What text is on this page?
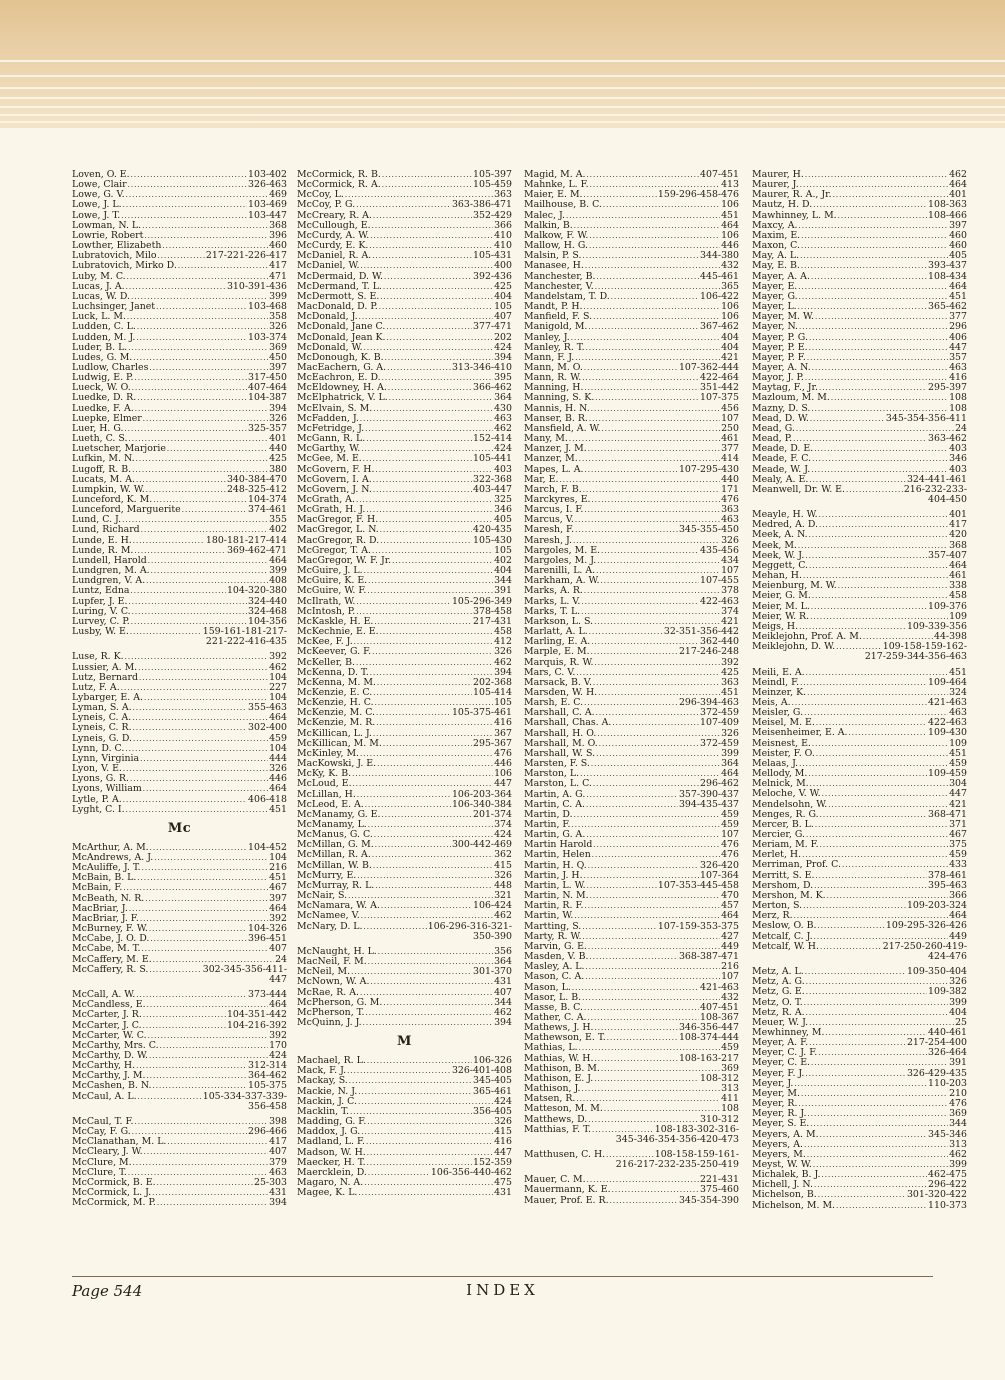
Loven, O. E. . . .	103-402
Lowe, Clair . . .	326-463
Lowe, G. V. . . .	469
Lowe, J. L. . . .	103-469
Lowe, J. T. . . .	103-447
Lowman, N. L. . . .	368
Lowrie, Robert . . .	396
Lowther, Elizabeth . . .	460
Lubratovich, Milo . . .	217-221-226-417
Lubratovich, Mirko D. . . .	417
Luby, M. C. . . .	471
Lucas, J. A. . . .	310-391-436
Lucas, W. D. . . .	399
Luchsinger, Janet . . .	103-468
Luck, L. M. . . .	358
Ludden, C. L. . . .	326
Ludden, M. J. . . .	103-374
Luder, B. L. . . .	369
Ludes, G. M. . . .	450
Ludlow, Charles . . .	397
Ludwig, E. P. . . .	317-450
Lueck, W. O. . . .	407-464
Luedke, D. R. . . .	104-387
Luedke, F. A. . . .	394
Luepke, Elmer . . .	326
Luer, H. G. . . .	325-357
Lueth, C. S. . . .	401
Luetscher, Marjorie . . .	440
Lufkin, M. N. . . .	425
Lugoff, R. B. . . .	380
Lucats, M. A. . . .	340-384-470
Lumpkin, W. W. . . .	248-325-412
Lunceford, K. M. . . .	104-374
Lunceford, Marguerite . . .	374-461
Lund, C. J. . . .	355
Lund, Richard . . .	402
Lunde, E. H. . . .	180-181-217-414
Lunde, R. M. . . .	369-462-471
Lundell, Harold . . .	464
Lundgren, M. A. . . .	399
Lundgren, V. A. . . .	408
Luntz, Edna . . .	104-320-380
Lupfer, J. E. . . .	324-440
Luring, V. C. . . .	324-468
Lurvey, C. P. . . .	104-356
Lusby, W. E. . . .	159-161-181-217-
221-222-416-435
Luse, R. K. . . .	392
Lussier, A. M. . . .	462
Lutz, Bernard . . .	104
Lutz, F. A. . . .	227
Lybarger, E. A. . . .	104
Lyman, S. A. . . .	355-463
Lyneis, C. A. . . .	464
Lyneis, C. R. . . .	302-400
Lyneis, G. D. . . .	459
Lynn, D. C. . . .	104
Lynn, Virginia . . .	444
Lyon, V. E. . . .	326
Lyons, G. R. . . .	446
Lyons, William . . .	464
Lytle, P. A. . . .	406-418
Lyght, C. I. . . .	451
Mc
McArthur, A. M. . . .	104-452
McAndrews, A. J. . . .	104
McAuliffe, J. T. . . .	216
McBain, B. L. . . .	451
McBain, F. . . .	467
McBeath, N. R. . . .	397
MacBriar, J. . . .	464
MacBriar, J. F. . . .	392
McBurney, F. W. . . .	104-326
McCabe, J. O. D. . . .	396-451
McCabe, M. T. . . .	407
McCaffery, M. E. . . .	24
McCaffery, R. S. . . .	302-345-356-411-
447
McCall, A. W. . . .	373-444
McCandless, E. . . .	464
McCarter, J. R. . . .	104-351-442
McCarter, J. C. . . .	104-216-392
McCarter, W. C. . . .	392
McCarthy, Mrs. C. . . .	170
McCarthy, D. W. . . .	424
McCarthy, H. . . .	312-314
McCarthy, J. M. . . .	364-462
McCashen, B. N. . . .	105-375
McCaul, A. L. . . .	105-334-337-339-
356-458
McCaul, T. F. . . .	398
McCay, F. G. . . .	296-466
McClanathan, M. L. . . .	417
McCleary, J. W. . . .	407
McClure, M. . . .	379
McClure, T. . . .	463
McCormick, B. E. . . .	25-303
McCormick, L. J. . . .	431
McCormick, M. P. . . .	394
McCormick, R. B. . . .	105-397
McCormick, R. A. . . .	105-459
McCoy, L. . . .	363
McCoy, P. G. . . .	363-386-471
McCreary, R. A. . . .	352-429
McCullough, E. . . .	366
McCurdy, A. W. . . .	410
McCurdy, E. K. . . .	410
McDaniel, R. A. . . .	105-431
McDaniel, W. . . .	400
McDermaid, D. W. . . .	392-436
McDermand, T. L. . . .	425
McDermott, S. E. . . .	404
MacDonald, D. P. . . .	105
McDonald, J. . . .	407
McDonald, Jane C. . . .	377-471
McDonald, Jean K. . . .	202
McDonald, W. . . .	424
McDonough, K. B. . . .	394
MacEachern, G. A. . . .	313-346-410
McEachron, E. D. . . .	395
McEldowney, H. A. . . .	366-462
McElphatrick, V. L. . . .	364
McElvain, S. M. . . .	430
McFadden, J. . . .	463
McFetridge, J. . . .	462
McGann, R. L. . . .	152-414
McGarthy, W. . . .	424
McGee, M. E. . . .	105-441
McGovern, F. H. . . .	403
McGovern, I. A. . . .	322-368
McGovern, J. N. . . .	403-447
McGrath, A. . . .	325
McGrath, H. J. . . .	346
MacGregor, F. H. . . .	405
MacGregor, L. N. . . .	420-435
MacGregor, R. D. . . .	105-430
McGregor, T. A. . . .	105
MacGregor, W. F. Jr. . . .	402
McGuire, J. L. . . .	404
McGuire, K. E. . . .	344
McGuire, W. F. . . .	391
McIlrath, W. . . .	105-296-349
McIntosh, P. . . .	378-458
McKaskle, H. E. . . .	217-431
McKechnie, E. E. . . .	458
McKee, F. J. . . .	412
McKeever, G. F. . . .	326
McKeller, B. . . .	462
McKenna, D. T. . . .	394
McKenna, M. M. . . .	202-368
McKenzie, E. C. . . .	105-414
McKenzie, H. C. . . .	105
McKenzie, M. C. . . .	105-375-461
McKenzie, M. R. . . .	416
McKillican, L. J. . . .	367
McKillican, M. M. . . .	295-367
McKinley, M. . . .	476
MacKowski, J. E. . . .	446
McKy, K. B. . . .	106
McLoud, E. . . .	447
McLillan, H. . . .	106-203-364
McLeod, E. A. . . .	106-340-384
McManamy, G. E. . . .	201-374
McManamy, L. . . .	374
McManus, G. C. . . .	424
McMillan, G. M. . . .	300-442-469
McMillan, R. A. . . .	362
McMillan, W. B. . . .	415
McMurry, E. . . .	326
McMurray, R. L. . . .	448
McNair, S. . . .	321
McNamara, W. A. . . .	106-424
McNamee, V. . . .	462
McNary, D. L. . . .	106-296-316-321-
350-390
McNaught, H. L. . . .	356
MacNeil, F. M. . . .	364
McNeil, M. . . .	301-370
McNown, W. A. . . .	431
McRae, R. A. . . .	407
McPherson, G. M. . . .	344
McPherson, T. . . .	462
McQuinn, J. J. . . .	394
M
Machael, R. L. . . .	106-326
Mack, F. J. . . .	326-401-408
Mackay, S. . . .	345-405
Mackie, N. J. . . .	365-461
Mackin, J. C. . . .	424
Macklin, T. . . .	356-405
Madding, G. F. . . .	326
Maddox, J. G. . . .	415
Madland, L. F. . . .	416
Madson, W. H. . . .	447
Maecker, H. T. . . .	152-359
Maercklein, D. . . .	106-356-440-462
Magaro, N. A. . . .	475
Magee, K. L. . . .	431
Magid, M. A. . . .	407-451
Mahnke, L. F. . . .	413
Maier, E. M. . . .	159-296-458-476
Mailhouse, B. C. . . .	106
Malec, J. . . .	451
Malkin, B. . . .	464
Malkow, F. W. . . .	106
Mallow, H. G. . . .	446
Malsin, P. S. . . .	344-380
Manasee, H. . . .	432
Manchester, B. . . .	445-461
Manchester, V. . . .	365
Mandelstam, T. D. . . .	106-422
Mandt, P. H. . . .	106
Manfield, F. S. . . .	106
Manigold, M. . . .	367-462
Manley, J. . . .	404
Manley, R. T. . . .	404
Mann, F. J. . . .	421
Mann, M. O. . . .	107-362-444
Mann, R. W. . . .	422-464
Manning, H. . . .	351-442
Manning, S. K. . . .	107-375
Mannis, H. N. . . .	456
Manser, B. R. . . .	107
Mansfield, A. W. . . .	250
Many, M. . . .	461
Manzer, J. M. . . .	377
Manzer, M. . . .	414
Mapes, L. A. . . .	107-295-430
Mar, E. . . .	440
March, F. B. . . .	171
Marckyres, E. . . .	476
Marcus, I. F. . . .	363
Marcus, V. . . .	463
Maresh, F. . . .	345-355-450
Maresh, J. . . .	326
Margoles, M. E. . . .	435-456
Margoles, M. J. . . .	434
Marenilli, L. A. . . .	107
Markham, A. W. . . .	107-455
Marks, A. R. . . .	378
Marks, L. V. . . .	422-463
Marks, T. L. . . .	374
Markson, L. S. . . .	421
Marlatt, A. L. . . .	32-351-356-442
Marling, E. A. . . .	362-440
Marple, E. M. . . .	217-246-248
Marquis, R. W. . . .	392
Mars, C. V. . . .	425
Marsack, B. V. . . .	363
Marsden, W. H. . . .	451
Marsh, E. C. . . .	296-394-463
Marshall, C. A. . . .	372-459
Marshall, Chas. A. . . .	107-409
Marshall, H. O. . . .	326
Marshall, M. O. . . .	372-459
Marshall, W. S. . . .	399
Marsten, F. S. . . .	364
Marston, L. . . .	464
Marston, L. C. . . .	296-462
Martin, A. G. . . .	357-390-437
Martin, C. A. . . .	394-435-437
Martin, D. . . .	459
Martin, F. . . .	459
Martin, G. A. . . .	107
Martin Harold . . .	476
Martin, Helen . . .	476
Martin, H. Q. . . .	326-420
Martin, J. H. . . .	107-364
Martin, L. W. . . .	107-353-445-458
Martin, N. M. . . .	470
Martin, R. F. . . .	457
Martin, W. . . .	464
Martting, S. . . .	107-159-353-375
Marty, R. W. . . .	427
Marvin, G. E. . . .	449
Masden, V. B. . . .	368-387-471
Masley, A. L. . . .	216
Mason, C. A. . . .	107
Mason, L. . . .	421-463
Masor, L. B. . . .	432
Masse, B. C. . . .	407-451
Mather, C. A. . . .	108-367
Mathews, J. H. . . .	346-356-447
Mathewson, E. T. . . .	108-374-444
Mathias, L. . . .	459
Mathias, W. H. . . .	108-163-217
Mathison, B. M. . . .	369
Mathison, E. J. . . .	108-312
Mathison, J. . . .	313
Matsen, R. . . .	411
Matteson, M. M. . . .	108
Matthews, D. . . .	310-312
Matthias, F. T. . . .	108-183-302-316-
345-346-354-356-420-473
Matthusen, C. H. . . .	108-158-159-161-
216-217-232-235-250-419
Mauer, C. M. . . .	221-431
Mauermann, K. E. . . .	375-460
Mauer, Prof. E. R. . . .	345-354-390
Maurer, H. . . .	462
Maurer, J. . . .	464
Maurer, R. A., Jr. . . .	401
Mautz, H. D. . . .	108-363
Mawhinney, L. M. . . .	108-466
Maxcy, A. . . .	397
Maxim, E. . . .	460
Maxon, C. . . .	460
May, A. L. . . .	405
May, E. B. . . .	393-437
Mayer, A. A. . . .	108-434
Mayer, E. . . .	464
Mayer, G. . . .	451
Mayer, L. . . .	365-462
Mayer, M. W. . . .	377
Mayer, N. . . .	296
Mayer, P. G. . . .	406
Mayer, P. E. . . .	447
Mayer, P. F. . . .	357
Mayer, A. N. . . .	463
Mayor, J. P. . . .	416
Maytag, F., Jr. . . .	295-397
Mazloum, M. M. . . .	108
Mazny, D. S. . . .	108
Mead, D. W. . . .	345-354-356-411
Mead, G. . . .	24
Mead, P. . . .	363-462
Meade, D. E. . . .	403
Meade, F. C. . . .	346
Meade, W. J. . . .	403
Mealy, A. E. . . .	324-441-461
Meanwell, Dr. W. E. . . .	216-232-233-
404-450
Meayle, H. W. . . .	401
Medred, A. D. . . .	417
Meek, A. N. . . .	420
Meek, M. . . .	368
Meek, W. J. . . .	357-407
Meggett, C. . . .	464
Mehan, H. . . .	461
Meienburg, M. W. . . .	338
Meier, G. M. . . .	458
Meier, M. L. . . .	109-376
Meier, W. R. . . .	109
Meigs, H. . . .	109-339-356
Meiklejohn, Prof. A. M. . . .	44-398
Meiklejohn, D. W. . . .	109-158-159-162-
217-259-344-356-463
Meili, E. A. . . .	451
Meindl, F. . . .	109-464
Meinzer, K. . . .	324
Meis, A. . . .	421-463
Meisler, G. . . .	463
Meisel, M. E. . . .	422-463
Meisenheimer, E. A. . . .	109-430
Meisnest, E. . . .	109
Meister, F. O. . . .	451
Melaas, J. . . .	459
Mellody, M. . . .	109-459
Melnick, M. . . .	304
Meloche, V. W. . . .	447
Mendelsohn, W. . . .	421
Menges, R. G. . . .	368-471
Mercer, B. L. . . .	371
Mercier, G. . . .	467
Meriam, M. F. . . .	375
Merlet, H. . . .	459
Merriman, Prof. C. . . .	433
Merritt, S. E. . . .	378-461
Mershom, D. . . .	395-463
Mershon, M. K. . . .	366
Merton, S. . . .	109-203-324
Merz, R. . . .	464
Meslow, O. B. . . .	109-295-326-426
Metcalf, C. J. . . .	449
Metcalf, W. H. . . .	217-250-260-419-
424-476
Metz, A. L. . . .	109-350-404
Metz, A. G. . . .	326
Metz, G. E. . . .	109-382
Metz, O. T. . . .	399
Metz, R. A. . . .	404
Meuer, W. J. . . .	25
Mewhinney, M. . . .	440-461
Meyer, A. F. . . .	217-254-400
Meyer, C. J. F. . . .	326-464
Meyer, C. E. . . .	391
Meyer, F. J. . . .	326-429-435
Meyer, J. . . .	110-203
Meyer, M. . . .	210
Meyer, R. . . .	476
Meyer, R. J. . . .	369
Meyer, S. E. . . .	344
Meyers, A. M. . . .	345-346
Meyers, A. . . .	313
Meyers, M. . . .	462
Meyst, W. W. . . .	399
Michalek, B. J. . . .	462-475
Michell, J. N. . . .	296-422
Michelson, B. . . .	301-320-422
Michelson, M. M. . . .	110-373
Page 544	INDEX
